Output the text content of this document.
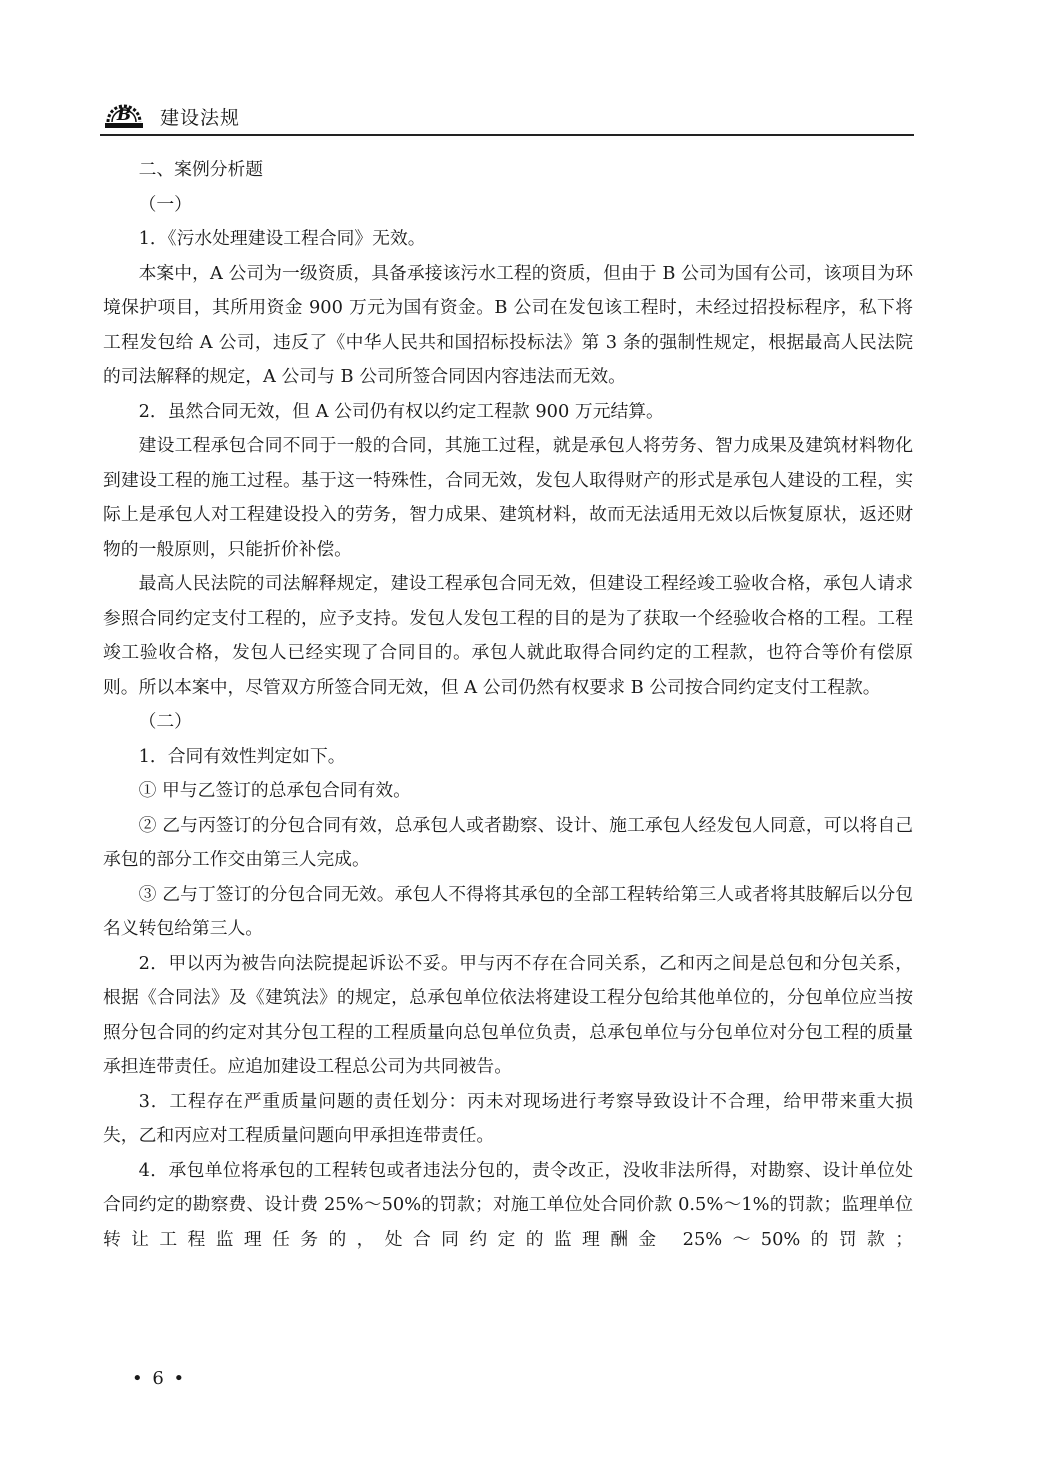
B 建设法规

二、案例分析题

（一）

1．《污水处理建设工程合同》无效。

本案中，A 公司为一级资质，具备承接该污水工程的资质，但由于 B 公司为国有公司，该项目为环境保护项目，其所用资金 900 万元为国有资金。B 公司在发包该工程时，未经过招投标程序，私下将工程发包给 A 公司，违反了《中华人民共和国招标投标法》第 3 条的强制性规定，根据最高人民法院的司法解释的规定，A 公司与 B 公司所签合同因内容违法而无效。

2．虽然合同无效，但 A 公司仍有权以约定工程款 900 万元结算。

建设工程承包合同不同于一般的合同，其施工过程，就是承包人将劳务、智力成果及建筑材料物化到建设工程的施工过程。基于这一特殊性，合同无效，发包人取得财产的形式是承包人建设的工程，实际上是承包人对工程建设投入的劳务，智力成果、建筑材料，故而无法适用无效以后恢复原状，返还财物的一般原则，只能折价补偿。

最高人民法院的司法解释规定，建设工程承包合同无效，但建设工程经竣工验收合格，承包人请求参照合同约定支付工程的，应予支持。发包人发包工程的目的是为了获取一个经验收合格的工程。工程竣工验收合格，发包人已经实现了合同目的。承包人就此取得合同约定的工程款，也符合等价有偿原则。所以本案中，尽管双方所签合同无效，但 A 公司仍然有权要求 B 公司按合同约定支付工程款。

（二）

1．合同有效性判定如下。

① 甲与乙签订的总承包合同有效。

② 乙与丙签订的分包合同有效，总承包人或者勘察、设计、施工承包人经发包人同意，可以将自己承包的部分工作交由第三人完成。

③ 乙与丁签订的分包合同无效。承包人不得将其承包的全部工程转给第三人或者将其肢解后以分包名义转包给第三人。

2．甲以丙为被告向法院提起诉讼不妥。甲与丙不存在合同关系，乙和丙之间是总包和分包关系，根据《合同法》及《建筑法》的规定，总承包单位依法将建设工程分包给其他单位的，分包单位应当按照分包合同的约定对其分包工程的工程质量向总包单位负责，总承包单位与分包单位对分包工程的质量承担连带责任。应追加建设工程总公司为共同被告。

3．工程存在严重质量问题的责任划分：丙未对现场进行考察导致设计不合理，给甲带来重大损失，乙和丙应对工程质量问题向甲承担连带责任。

4．承包单位将承包的工程转包或者违法分包的，责令改正，没收非法所得，对勘察、设计单位处合同约定的勘察费、设计费 25%～50%的罚款；对施工单位处合同价款 0.5%～1%的罚款；监理单位转让工程监理任务的，处合同约定的监理酬金 25%～50%的罚款；

• 6 •
